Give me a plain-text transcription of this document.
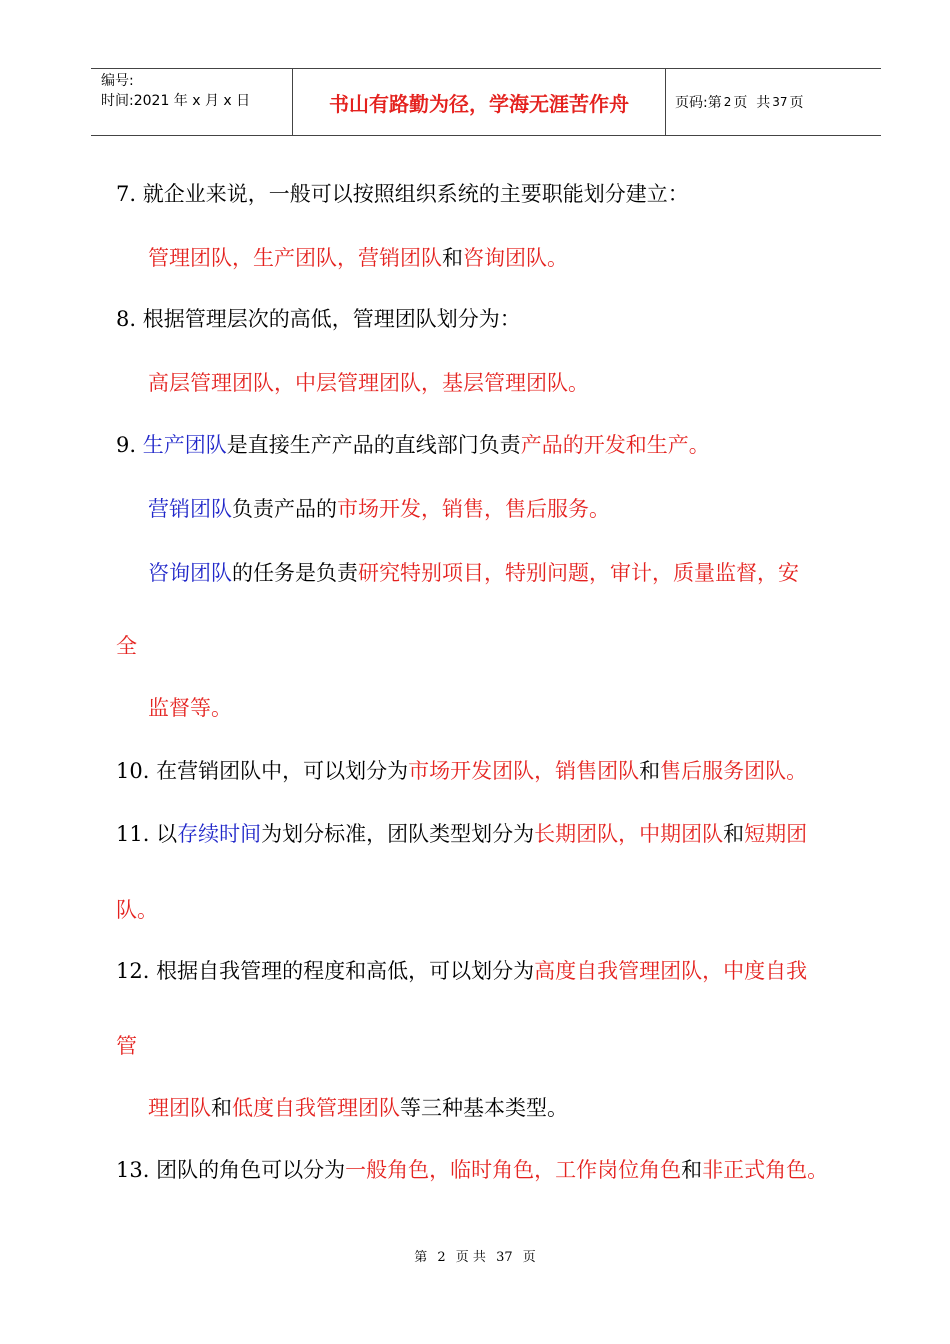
编号:
时间:2021 年 x 月 x 日	书山有路勤为径，学海无涯苦作舟	页码:第 2 页  共 37 页
7. 就企业来说，一般可以按照组织系统的主要职能划分建立：
管理团队，生产团队，营销团队和咨询团队。
8. 根据管理层次的高低，管理团队划分为：
高层管理团队，中层管理团队，基层管理团队。
9. 生产团队是直接生产产品的直线部门负责产品的开发和生产。
营销团队负责产品的市场开发，销售，售后服务。
咨询团队的任务是负责研究特别项目，特别问题，审计，质量监督，安
全
监督等。
10. 在营销团队中，可以划分为市场开发团队，销售团队和售后服务团队。
11. 以存续时间为划分标准，团队类型划分为长期团队，中期团队和短期团
队。
12. 根据自我管理的程度和高低，可以划分为高度自我管理团队，中度自我
管
理团队和低度自我管理团队等三种基本类型。
13. 团队的角色可以分为一般角色，临时角色，工作岗位角色和非正式角色。
第 2 页 共 37 页
